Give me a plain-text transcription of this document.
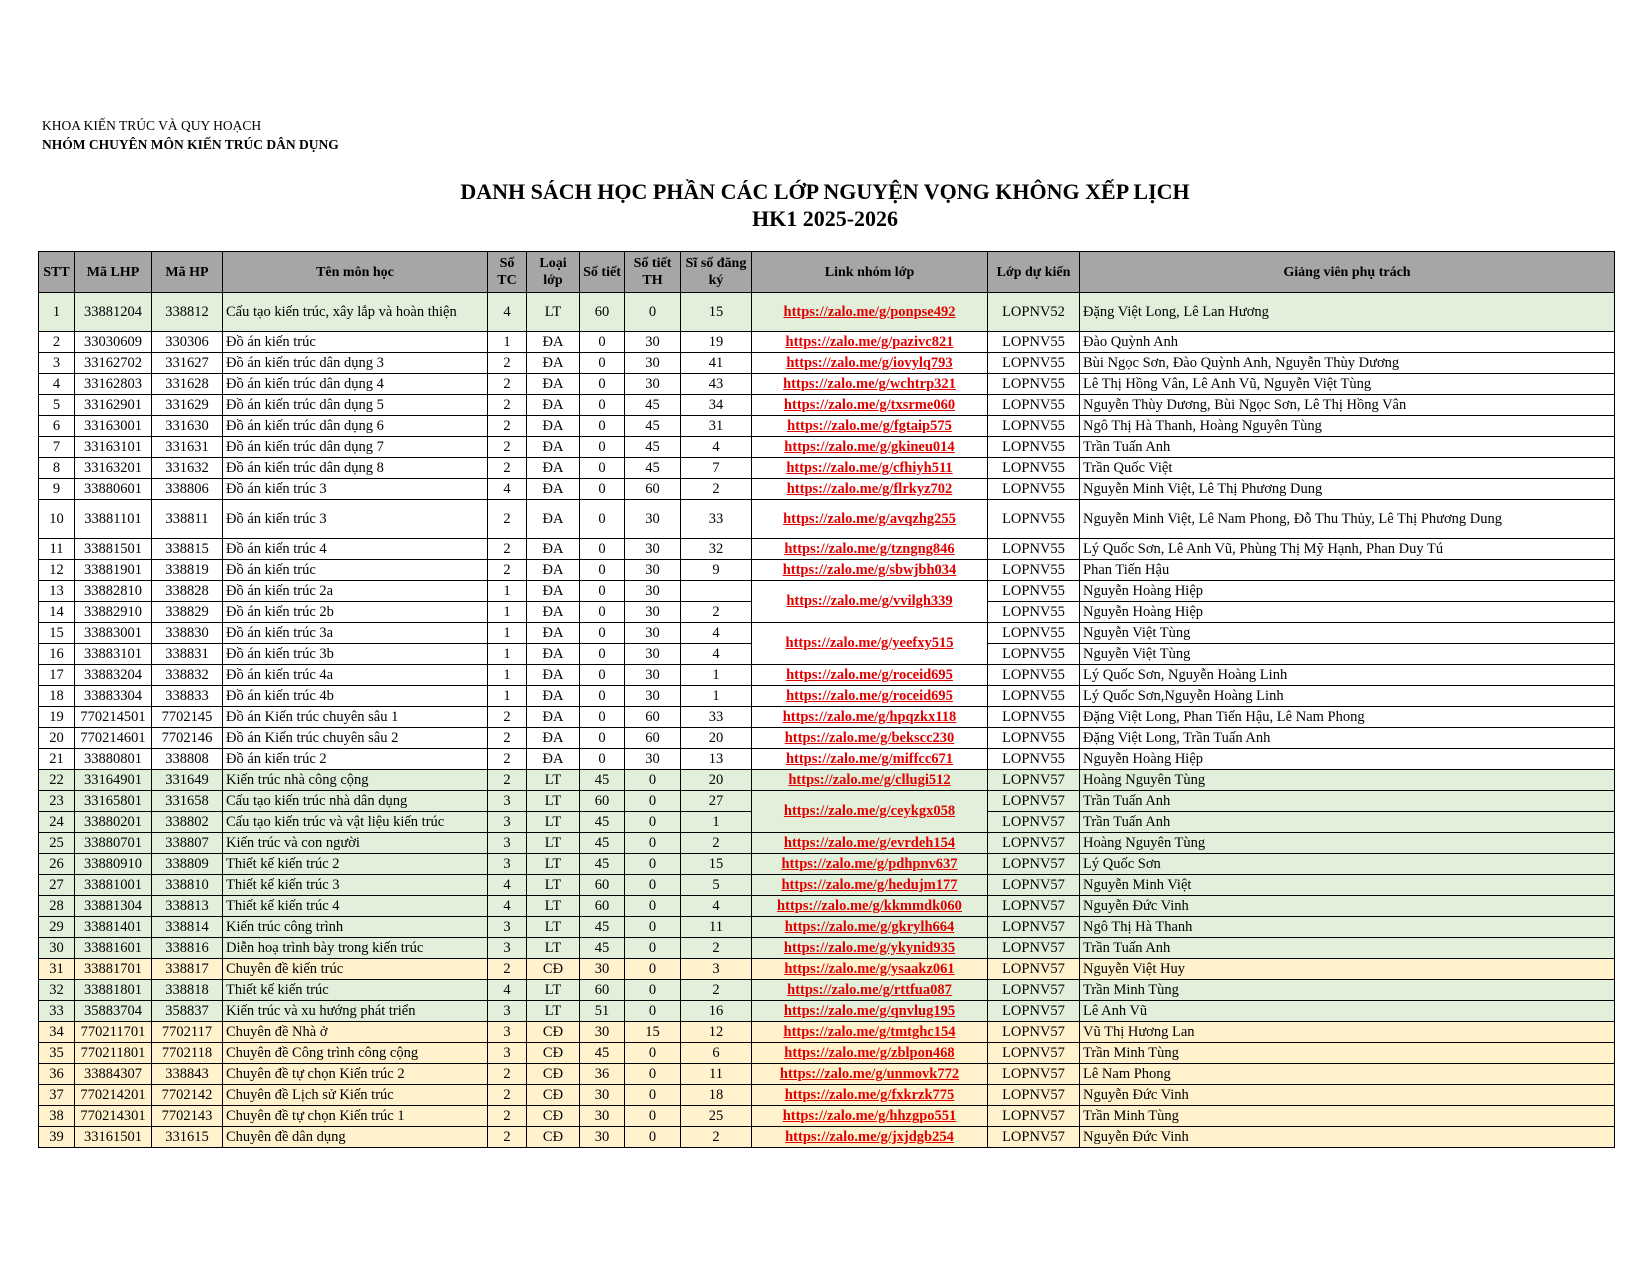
KHOA KIẾN TRÚC VÀ QUY HOẠCH
NHÓM CHUYÊN MÔN KIẾN TRÚC DÂN DỤNG
DANH SÁCH HỌC PHẦN CÁC LỚP NGUYỆN VỌNG KHÔNG XẾP LỊCH
HK1 2025-2026
STT	Mã LHP	Mã HP	Tên môn học	Số TC	Loại lớp	Số tiết	Số tiết TH	Sĩ số đăng ký	Link nhóm lớp	Lớp dự kiến	Giảng viên phụ trách
1	33881204	338812	Cấu tạo kiến trúc, xây lắp và hoàn thiện	4	LT	60	0	15	https://zalo.me/g/ponpse492	LOPNV52	Đặng Việt Long, Lê Lan Hương
2	33030609	330306	Đồ án kiến trúc	1	ĐA	0	30	19	https://zalo.me/g/pazivc821	LOPNV55	Đào Quỳnh Anh
3	33162702	331627	Đồ án kiến trúc dân dụng 3	2	ĐA	0	30	41	https://zalo.me/g/iovylq793	LOPNV55	Bùi Ngọc Sơn, Đào Quỳnh Anh, Nguyễn Thùy Dương
4	33162803	331628	Đồ án kiến trúc dân dụng 4	2	ĐA	0	30	43	https://zalo.me/g/wchtrp321	LOPNV55	Lê Thị Hồng Vân, Lê Anh Vũ, Nguyễn Việt Tùng
5	33162901	331629	Đồ án kiến trúc dân dụng 5	2	ĐA	0	45	34	https://zalo.me/g/txsrme060	LOPNV55	Nguyễn Thùy Dương, Bùi Ngọc Sơn, Lê Thị Hồng Vân
6	33163001	331630	Đồ án kiến trúc dân dụng 6	2	ĐA	0	45	31	https://zalo.me/g/fgtaip575	LOPNV55	Ngô Thị Hà Thanh, Hoàng Nguyên Tùng
7	33163101	331631	Đồ án kiến trúc dân dụng 7	2	ĐA	0	45	4	https://zalo.me/g/gkineu014	LOPNV55	Trần Tuấn Anh
8	33163201	331632	Đồ án kiến trúc dân dụng 8	2	ĐA	0	45	7	https://zalo.me/g/cfhiyh511	LOPNV55	Trần Quốc Việt
9	33880601	338806	Đồ án kiến trúc 3	4	ĐA	0	60	2	https://zalo.me/g/flrkyz702	LOPNV55	Nguyễn Minh Việt, Lê Thị Phương Dung
10	33881101	338811	Đồ án kiến trúc 3	2	ĐA	0	30	33	https://zalo.me/g/avqzhg255	LOPNV55	Nguyễn Minh Việt, Lê Nam Phong, Đỗ Thu Thủy, Lê Thị Phương Dung
11	33881501	338815	Đồ án kiến trúc 4	2	ĐA	0	30	32	https://zalo.me/g/tzngng846	LOPNV55	Lý Quốc Sơn, Lê Anh Vũ, Phùng Thị Mỹ Hạnh, Phan Duy Tú
12	33881901	338819	Đồ án kiến trúc	2	ĐA	0	30	9	https://zalo.me/g/sbwjbh034	LOPNV55	Phan Tiến Hậu
13	33882810	338828	Đồ án kiến trúc 2a	1	ĐA	0	30		https://zalo.me/g/vvilgh339	LOPNV55	Nguyễn Hoàng Hiệp
14	33882910	338829	Đồ án kiến trúc 2b	1	ĐA	0	30	2		LOPNV55	Nguyễn Hoàng Hiệp
15	33883001	338830	Đồ án kiến trúc 3a	1	ĐA	0	30	4	https://zalo.me/g/yeefxy515	LOPNV55	Nguyễn Việt Tùng
16	33883101	338831	Đồ án kiến trúc 3b	1	ĐA	0	30	4		LOPNV55	Nguyễn Việt Tùng
17	33883204	338832	Đồ án kiến trúc 4a	1	ĐA	0	30	1	https://zalo.me/g/roceid695	LOPNV55	Lý Quốc Sơn, Nguyễn Hoàng Linh
18	33883304	338833	Đồ án kiến trúc 4b	1	ĐA	0	30	1	https://zalo.me/g/roceid695	LOPNV55	Lý Quốc Sơn,Nguyễn Hoàng Linh
19	770214501	7702145	Đồ án Kiến trúc chuyên sâu 1	2	ĐA	0	60	33	https://zalo.me/g/hpqzkx118	LOPNV55	Đặng Việt Long, Phan Tiến Hậu, Lê Nam Phong
20	770214601	7702146	Đồ án Kiến trúc chuyên sâu 2	2	ĐA	0	60	20	https://zalo.me/g/bekscc230	LOPNV55	Đặng Việt Long, Trần Tuấn Anh
21	33880801	338808	Đồ án kiến trúc 2	2	ĐA	0	30	13	https://zalo.me/g/miffcc671	LOPNV55	Nguyễn Hoàng Hiệp
22	33164901	331649	Kiến trúc nhà công cộng	2	LT	45	0	20	https://zalo.me/g/cllugi512	LOPNV57	Hoàng Nguyên Tùng
23	33165801	331658	Cấu tạo kiến trúc nhà dân dụng	3	LT	60	0	27	https://zalo.me/g/ceykgx058	LOPNV57	Trần Tuấn Anh
24	33880201	338802	Cấu tạo kiến trúc và vật liệu kiến trúc	3	LT	45	0	1		LOPNV57	Trần Tuấn Anh
25	33880701	338807	Kiến trúc và con người	3	LT	45	0	2	https://zalo.me/g/evrdeh154	LOPNV57	Hoàng Nguyên Tùng
26	33880910	338809	Thiết kế kiến trúc 2	3	LT	45	0	15	https://zalo.me/g/pdhpnv637	LOPNV57	Lý Quốc Sơn
27	33881001	338810	Thiết kế kiến trúc 3	4	LT	60	0	5	https://zalo.me/g/hedujm177	LOPNV57	Nguyễn Minh Việt
28	33881304	338813	Thiết kế kiến trúc 4	4	LT	60	0	4	https://zalo.me/g/kkmmdk060	LOPNV57	Nguyễn Đức Vinh
29	33881401	338814	Kiến trúc công trình	3	LT	45	0	11	https://zalo.me/g/gkrylh664	LOPNV57	Ngô Thị Hà Thanh
30	33881601	338816	Diễn hoạ trình bày trong kiến trúc	3	LT	45	0	2	https://zalo.me/g/ykynid935	LOPNV57	Trần Tuấn Anh
31	33881701	338817	Chuyên đề kiến trúc	2	CĐ	30	0	3	https://zalo.me/g/ysaakz061	LOPNV57	Nguyễn Việt Huy
32	33881801	338818	Thiết kế kiến trúc	4	LT	60	0	2	https://zalo.me/g/rttfua087	LOPNV57	Trần Minh Tùng
33	35883704	358837	Kiến trúc và xu hướng phát triển	3	LT	51	0	16	https://zalo.me/g/qnvlug195	LOPNV57	Lê Anh Vũ
34	770211701	7702117	Chuyên đề Nhà ở	3	CĐ	30	15	12	https://zalo.me/g/tmtghc154	LOPNV57	Vũ Thị Hương Lan
35	770211801	7702118	Chuyên đề Công trình công cộng	3	CĐ	45	0	6	https://zalo.me/g/zblpon468	LOPNV57	Trần Minh Tùng
36	33884307	338843	Chuyên đề tự chọn Kiến trúc 2	2	CĐ	36	0	11	https://zalo.me/g/unmovk772	LOPNV57	Lê Nam Phong
37	770214201	7702142	Chuyên đề Lịch sử Kiến trúc	2	CĐ	30	0	18	https://zalo.me/g/fxkrzk775	LOPNV57	Nguyễn Đức Vinh
38	770214301	7702143	Chuyên đề tự chọn Kiến trúc 1	2	CĐ	30	0	25	https://zalo.me/g/hhzgpo551	LOPNV57	Trần Minh Tùng
39	33161501	331615	Chuyên đề dân dụng	2	CĐ	30	0	2	https://zalo.me/g/jxjdgb254	LOPNV57	Nguyễn Đức Vinh
